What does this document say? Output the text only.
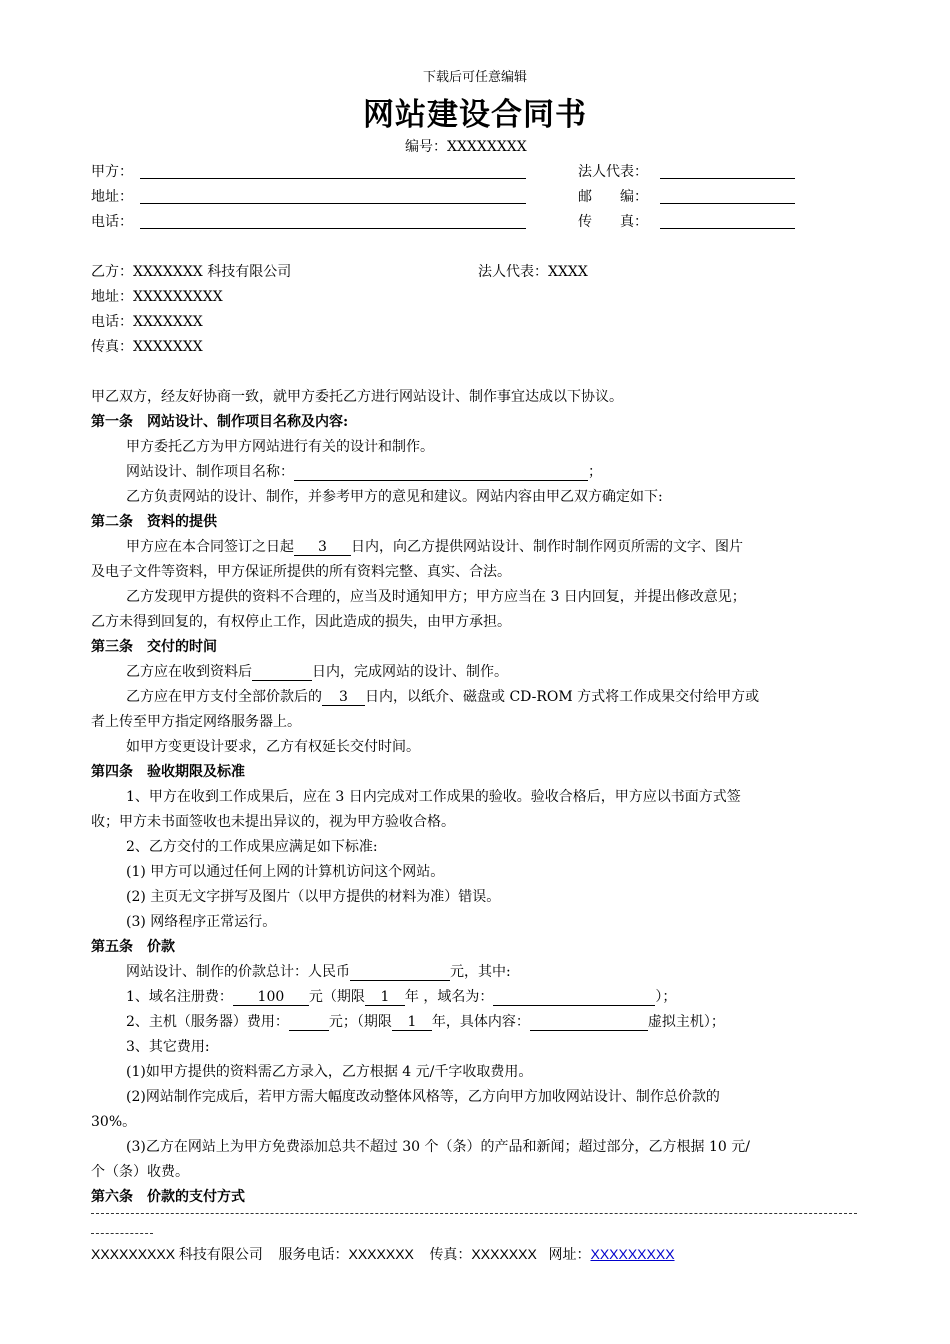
下载后可任意编辑
网站建设合同书
编号：XXXXXXXX
甲方：	法人代表：
地址：	邮　　编：
电话：	传　　真：
乙方：XXXXXXX 科技有限公司	法人代表：XXXX
地址：XXXXXXXXX
电话：XXXXXXX
传真：XXXXXXX
甲乙双方，经友好协商一致，就甲方委托乙方进行网站设计、制作事宜达成以下协议。
第一条　网站设计、制作项目名称及内容:
甲方委托乙方为甲方网站进行有关的设计和制作。
网站设计、制作项目名称：	；
乙方负责网站的设计、制作，并参考甲方的意见和建议。网站内容由甲乙双方确定如下:
第二条　资料的提供
甲方应在本合同签订之日起 3 日内，向乙方提供网站设计、制作时制作网页所需的文字、图片
及电子文件等资料，甲方保证所提供的所有资料完整、真实、合法。
乙方发现甲方提供的资料不合理的，应当及时通知甲方；甲方应当在 3 日内回复，并提出修改意见；
乙方未得到回复的，有权停止工作，因此造成的损失，由甲方承担。
第三条　交付的时间
乙方应在收到资料后	日内，完成网站的设计、制作。
乙方应在甲方支付全部价款后的 3 日内，以纸介、磁盘或 CD-ROM 方式将工作成果交付给甲方或
者上传至甲方指定网络服务器上。
如甲方变更设计要求，乙方有权延长交付时间。
第四条　验收期限及标准
1、甲方在收到工作成果后，应在 3 日内完成对工作成果的验收。验收合格后，甲方应以书面方式签
收；甲方未书面签收也未提出异议的，视为甲方验收合格。
2、乙方交付的工作成果应满足如下标准:
(1) 甲方可以通过任何上网的计算机访问这个网站。
(2) 主页无文字拼写及图片（以甲方提供的材料为准）错误。
(3) 网络程序正常运行。
第五条　价款
网站设计、制作的价款总计：人民币	元，其中:
1、域名注册费： 100 元（期限 1 年 ，域名为：	）；
2、主机（服务器）费用：	元；（期限 1 年，具体内容：	虚拟主机）；
3、其它费用:
(1)如甲方提供的资料需乙方录入，乙方根据 4 元/千字收取费用。
(2)网站制作完成后，若甲方需大幅度改动整体风格等，乙方向甲方加收网站设计、制作总价款的
30%。
(3)乙方在网站上为甲方免费添加总共不超过 30 个（条）的产品和新闻；超过部分，乙方根据 10 元/
个（条）收费。
第六条　价款的支付方式
XXXXXXXXX 科技有限公司 服务电话：XXXXXXX 传真：XXXXXXX 网址：XXXXXXXXX
